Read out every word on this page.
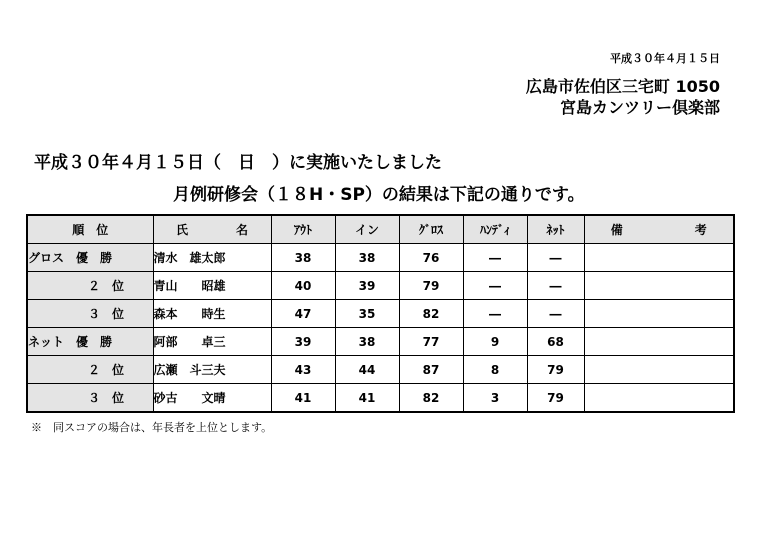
平成３０年４月１５日
広島市佐伯区三宅町 1050
宮島カンツリー倶楽部
平成３０年４月１５日（　日　）に実施いたしました
月例研修会（１８H・SP）の結果は下記の通りです。
順　位	氏　　　　名	ｱｳﾄ	イン	ｸﾞﾛｽ	ﾊﾝﾃﾞｨ	ﾈｯﾄ	備　　　　　　考
グロス　優　勝	清水　雄太郎	38	38	76	―	―	
２　位	青山　　昭雄	40	39	79	―	―	
３　位	森本　　時生	47	35	82	―	―	
ネット　優　勝	阿部　　卓三	39	38	77	9	68	
２　位	広瀬　斗三夫	43	44	87	8	79	
３　位	砂古　　文晴	41	41	82	3	79	
※　同スコアの場合は、年長者を上位とします。
